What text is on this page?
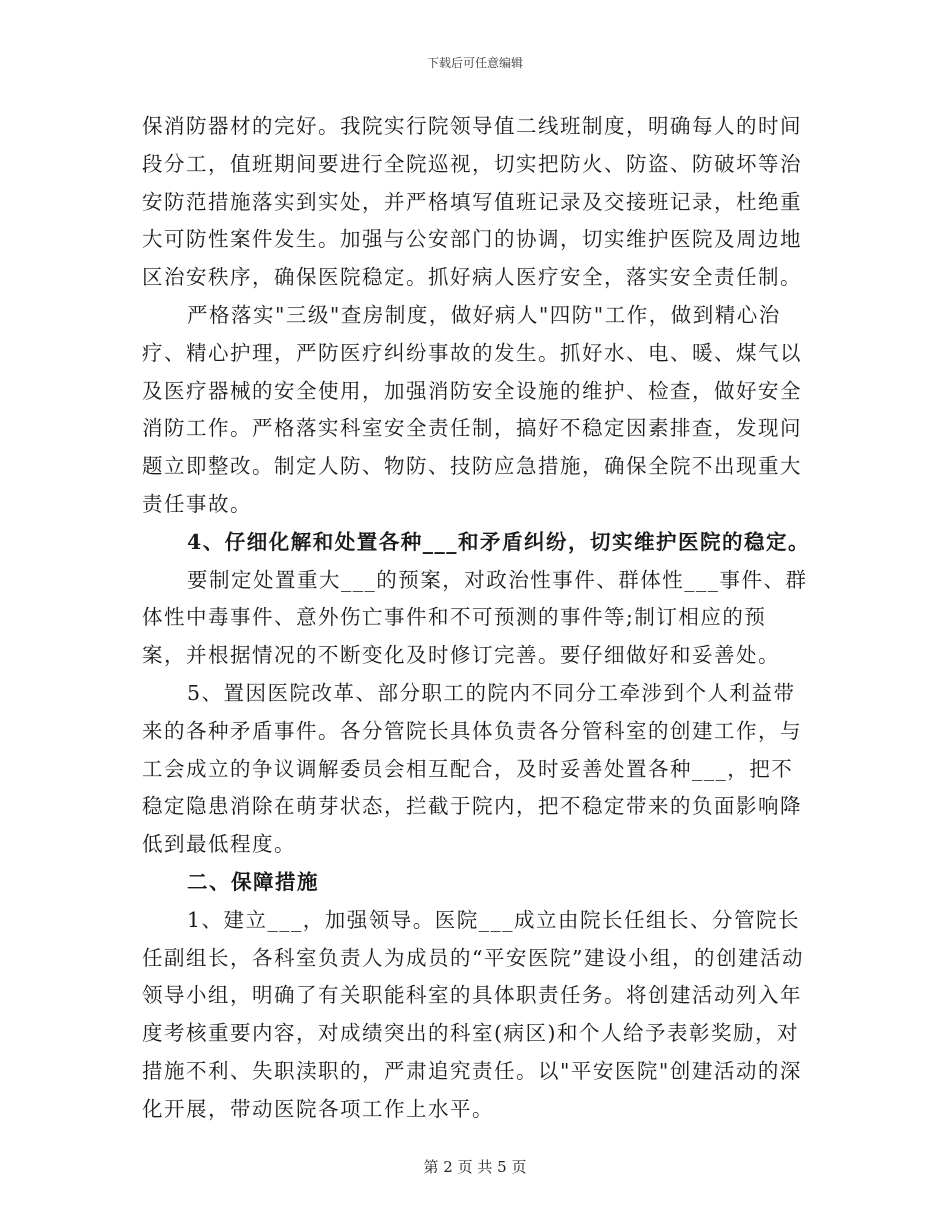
下载后可任意编辑

保消防器材的完好。我院实行院领导值二线班制度，明确每人的时间段分工，值班期间要进行全院巡视，切实把防火、防盗、防破坏等治安防范措施落实到实处，并严格填写值班记录及交接班记录，杜绝重大可防性案件发生。加强与公安部门的协调，切实维护医院及周边地区治安秩序，确保医院稳定。抓好病人医疗安全，落实安全责任制。

严格落实"三级"查房制度，做好病人"四防"工作，做到精心治疗、精心护理，严防医疗纠纷事故的发生。抓好水、电、暖、煤气以及医疗器械的安全使用，加强消防安全设施的维护、检查，做好安全消防工作。严格落实科室安全责任制，搞好不稳定因素排查，发现问题立即整改。制定人防、物防、技防应急措施，确保全院不出现重大责任事故。

4、仔细化解和处置各种___和矛盾纠纷，切实维护医院的稳定。

要制定处置重大___的预案，对政治性事件、群体性___事件、群体性中毒事件、意外伤亡事件和不可预测的事件等;制订相应的预案，并根据情况的不断变化及时修订完善。要仔细做好和妥善处。

5、置因医院改革、部分职工的院内不同分工牵涉到个人利益带来的各种矛盾事件。各分管院长具体负责各分管科室的创建工作，与工会成立的争议调解委员会相互配合，及时妥善处置各种___，把不稳定隐患消除在萌芽状态，拦截于院内，把不稳定带来的负面影响降低到最低程度。

二、保障措施

1、建立___，加强领导。医院___成立由院长任组长、分管院长任副组长，各科室负责人为成员的“平安医院”建设小组，的创建活动领导小组，明确了有关职能科室的具体职责任务。将创建活动列入年度考核重要内容，对成绩突出的科室(病区)和个人给予表彰奖励，对措施不利、失职渎职的，严肃追究责任。以"平安医院"创建活动的深化开展，带动医院各项工作上水平。

第 2 页 共 5 页
